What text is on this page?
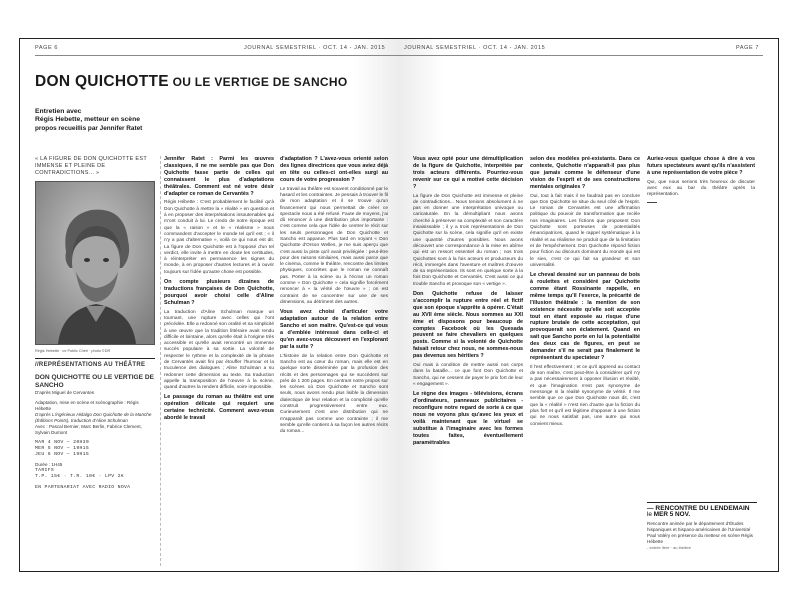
PAGE 6	JOURNAL SEMESTRIEL · OCT. 14 - JAN. 2015
DON QUICHOTTE OU LE VERTIGE DE SANCHO
Entretien avec
Régis Hebette, metteur en scène
propos recueillis par Jennifer Ratet
« LA FIGURE DE DON QUICHOTTE EST IMMENSE ET PLEINE DE CONTRADICTIONS... »
Régis Hebette · ce Public Chéri · photo ©DR
//REPRÉSENTATIONS AU THÉÂTRE
DON QUICHOTTE OU LE VERTIGE DE SANCHO
D'après Miguel de Cervantes
Adaptation, mise en scène et scénographie : Régis Hébette
D'après L'ingénieux Hidalgo Don Quichotte de la Manche (Éditions Points), traduction d'Aline Schulman
Avec : Pascal Bernier, Marc Berlin, Fabrice Clement, Sylvain Dumont
MAR 4 NOV — 20H30
MER 5 NOV — 19H15
JEU 6 NOV — 19H15
Durée : 1H45
TARIFS
T.P. 15€ · T.R. 10€ · LPV 2€
EN PARTENARIAT AVEC RADIO NOVA
Jennifer Ratet : Parmi les œuvres classiques, il ne me semble pas que Don Quichotte fasse partie de celles qui connaissent le plus d'adaptations théâtrales. Comment est né votre désir d'adapter ce roman de Cervantès ?

Régis Hébette : C'est probablement le facilité qu'à Don Quichotte à mettre la « réalité » en question et à en proposer des interprétations insoutenables qui m'ont conduit à lui. Le credo de notre époque est que la « raison » et le « réalisme » nous commandent d'accepter le monde tel qu'il est ; « il n'y a pas d'alternative », voilà ce qui nous est dit. La figure de Don Quichotte est à l'opposé d'un tel verdict, elle invite à mettre en doute les certitudes, à réinterpréter en permanence les signes du monde, à en proposer d'autres lectures et à ouvrir toujours sur l'idée qu'autre chose est possible.

On compte plusieurs dizaines de traductions françaises de Don Quichotte, pourquoi avoir choisi celle d'Aline Schulman ?

La traduction d'Aline Schulman marque un tournant, une rupture avec celles qui l'ont précédée. Elle a redonné son oralité et sa simplicité à une œuvre que la tradition littéraire avait rendu difficile et lointaine, alors qu'elle était à l'origine très accessible et qu'elle avait rencontré un immense succès populaire à sa sortie. La volonté de respecter le rythme et la complexité de la phrase de Cervantès avait fini par étouffer l'humour et la truculence des dialogues ; Aline Schulman a su redonner cette dimension au texte. Sa traduction appelle la transposition de l'œuvre à la scène, quand d'autres la rendent difficile, voire impossible.

Le passage du roman au théâtre est une opération délicate qui requiert une certaine technicité. Comment avez-vous abordé le travail
d'adaptation ? L'avez-vous orienté selon des lignes directrices que vous aviez déjà en tête ou celles-ci ont-elles surgi au cours de votre progression ?

Le travail au théâtre est souvent conditionné par le hasard et les contraintes. Je pensais à trouver le fil de mon adaptation et il se trouve qu'un financement qui nous permettait de créer ce spectacle nous a été refusé. Faute de moyens, j'ai dû renoncer à une distribution plus importante : c'est comme cela que l'idée de centrer le récit sur les seuls personnages de Don Quichotte et Sancho est apparue. Plus tard en voyant « Don Quichotte d'Orson Welles, je me suis aperçu que c'est aussi la piste qu'il avait privilégiée : peut-être pour des raisons similaires, mais aussi parce que le cinéma, comme le théâtre, rencontre des limites physiques, concrètes que le roman ne connaît pas. Porter à la scène ou à l'écran un roman comme « Don Quichotte » cela signifie forcément renoncer à « la vérité de l'œuvre » ; on est contraint de se concentrer sur une de ses dimensions, au détriment des autres.

Vous avez choisi d'articuler votre adaptation autour de la relation entre Sancho et son maître. Qu'est-ce qui vous a d'emblée intéressé dans celle-ci et qu'en avez-vous découvert en l'explorant par la suite ?

L'histoire de la relation entre Don Quichotte et Sancho est au cœur du roman, mais elle est en quelque sorte disséminée par la profusion des récits et des personnages qui se succèdent sur près de 1 200 pages. En centrant notre propos sur les scènes où Don Quichotte et Sancho sont seuls, nous avons rendu plus lisible la dimension dialectique de leur relation et la complicité qu'elle construit progressivement entre eux. Curieusement c'est une distribution qui ne m'apparaît pas comme une contrainte ; il me semble qu'elle contient à sa façon les autres récits du roman...

JOURNAL SEMESTRIEL · OCT. 14 - JAN. 2015	PAGE 7
Vous avez opté pour une démultiplication de la figure de Quichotte, interprétée par trois acteurs différents. Pourriez-vous revenir sur ce qui a motivé cette décision ?

La figure de Don Quichotte est immense et pleine de contradictions... Nous tenions absolument à ne pas en donner une interprétation univoque ou caricaturale. En la démultipliant nous avons cherché à préserver sa complexité et son caractère insaisissable ; il y a trois représentations de Don Quichotte sur la scène, cela signifie qu'il en existe une quantité d'autres possibles. Nous avons découvert une correspondance à la mise en abîme qui est un ressort essentiel du roman ; nos trois Quichottes sont à la fois acteurs et producteurs du récit, immergés dans l'aventure et maîtres d'œuvre de sa représentation. Ils sont en quelque sorte à la fois Don Quichotte et Cervantès. C'est aussi ce qui trouble Sancho et provoque son « vertige ».

Don Quichotte refuse de laisser s'accomplir la rupture entre réel et fictif que son époque s'apprête à opérer. C'était au XVII ème siècle. Nous sommes au XXI ème et disposons pour beaucoup de comptes Facebook où les Quesada peuvent se faire chevaliers en quelques posts. Comme si la volonté de Quichotte faisait retour chez nous, ne sommes-nous pas devenus ses héritiers ?

Oui mais à condition de mettre aussi nos corps dans la bataille... ce que font Don Quichotte et Sancho, qui ne cessent de payer le prix fort de leur « engagement ».

Le règne des images - télévisions, écrans d'ordinateurs, panneaux publicitaires - reconfigure notre regard de sorte à ce que nous ne voyons plus qu'avec les yeux et voilà maintenant que le virtuel se substitue à l'imaginaire avec les formes toutes faites, éventuellement paramétrables
selon des modèles pré-existants. Dans ce contexte, Quichotte n'apparaît-il pas plus que jamais comme le défenseur d'une vision de l'esprit et de ses constructions mentales originales ?

Oui, tout à fait mais il ne faudrait pas en conclure que Don Quichotte se situe du seul côté de l'esprit. Le roman de Cervantès est une affirmation politique du pouvoir de transformation que recèle nos imaginaires. Les fictions que proposent Don Quichotte sont porteuses de potentialités émancipatrices, quand le rappel systématique à la réalité et au réalisme ne produit que de la limitation et de l'empêchement. Don Quichotte répond fiction pour fiction au discours dominant du monde qui est le sien, c'est ce qui fait sa grandeur et son universalité.

Le cheval dessiné sur un panneau de bois à roulettes et considéré par Quichotte comme étant Rossinante rappelle, en même temps qu'il l'exerce, la précarité de l'illusion théâtrale : la mention de son existence nécessite qu'elle soit acceptée tout en étant exposée au risque d'une rupture brutale de cette acceptation, qui provoquerait son éclatement. Quand en sait que Sancho porte en lui la potentialité des deux cas de figures, en peut se demander s'il ne serait pas finalement le représentant du spectateur ?

Il l'est effectivement ; et ce qu'il apprend au contact de son maître, c'est peut-être à considérer qu'il n'y a pas nécessairement à opposer illusion et réalité, et que l'imagination n'est pas synonyme de mensonge ni la réalité synonyme de vérité. Il me semble que ce que Don Quichotte nous dit, c'est que la « réalité » n'est rien d'autre que la fiction du plus fort et qu'il est légitime d'opposer à une fiction qui ne nous satisfait pas, une autre qui nous convient mieux.

Auriez-vous quelque chose à dire à vos futurs spectateurs avant qu'ils n'assistent à une représentation de votre pièce ?

Qui, que nous serions très heureux de discuter avec eux au bar du théâtre après la représentation.

— RENCONTRE DU LENDEMAIN
le MER 5 NOV.
Rencontre animée par le département d'Études hispaniques et hispano-américaines de l'Université Paul Valéry en présence du metteur en scène Régis Hébette
- entrée libre · au théâtre
